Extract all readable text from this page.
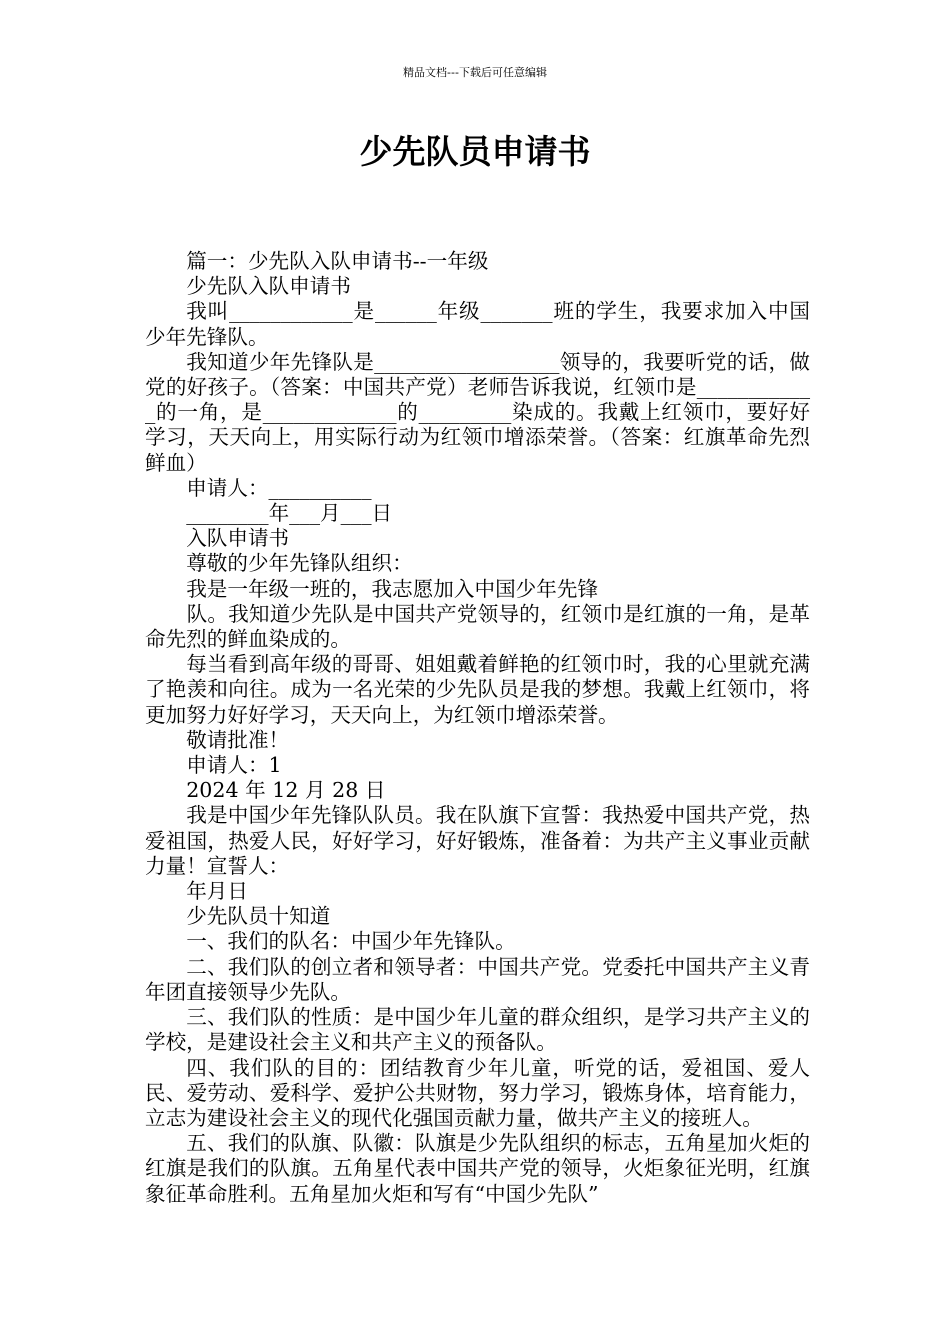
精品文档---下载后可任意编辑
少先队员申请书

篇一：少先队入队申请书--一年级

少先队入队申请书

我叫____________是______年级_______班的学生，我要求加入中国少年先锋队。

我知道少年先锋队是__________________领导的，我要听党的话，做党的好孩子。（答案：中国共产党）老师告诉我说，红领巾是____________的一角，是_____________的_________染成的。我戴上红领巾，要好好学习，天天向上，用实际行动为红领巾增添荣誉。（答案：红旗革命先烈鲜血）

申请人：__________

________年___月___日

入队申请书

尊敬的少年先锋队组织：

我是一年级一班的，我志愿加入中国少年先锋

　　队。我知道少先队是中国共产党领导的，红领巾是红旗的一角，是革命先烈的鲜血染成的。

每当看到高年级的哥哥、姐姐戴着鲜艳的红领巾时，我的心里就充满了艳羡和向往。成为一名光荣的少先队员是我的梦想。我戴上红领巾，将更加努力好好学习，天天向上，为红领巾增添荣誉。

敬请批准！

申请人：1

2024 年 12 月 28 日

我是中国少年先锋队队员。我在队旗下宣誓：我热爱中国共产党，热爱祖国，热爱人民，好好学习，好好锻炼，准备着：为共产主义事业贡献力量！宣誓人：

年月日

少先队员十知道

一、我们的队名：中国少年先锋队。

二、我们队的创立者和领导者：中国共产党。党委托中国共产主义青年团直接领导少先队。

三、我们队的性质：是中国少年儿童的群众组织，是学习共产主义的学校，是建设社会主义和共产主义的预备队。

四、我们队的目的：团结教育少年儿童，听党的话，爱祖国、爱人民、爱劳动、爱科学、爱护公共财物，努力学习，锻炼身体，培育能力，立志为建设社会主义的现代化强国贡献力量，做共产主义的接班人。

五、我们的队旗、队徽：队旗是少先队组织的标志，五角星加火炬的红旗是我们的队旗。五角星代表中国共产党的领导，火炬象征光明，红旗象征革命胜利。五角星加火炬和写有“中国少先队”
